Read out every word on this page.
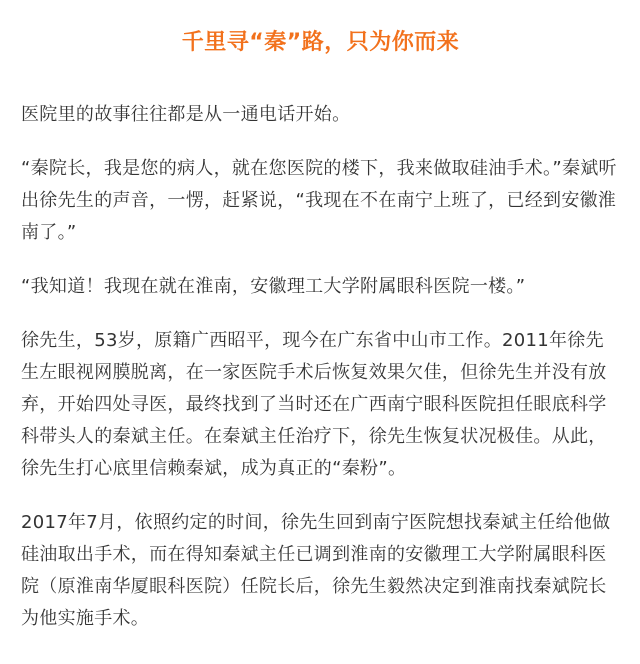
千里寻“秦”路，只为你而来

医院里的故事往往都是从一通电话开始。

“秦院长，我是您的病人，就在您医院的楼下，我来做取硅油手术。”秦斌听出徐先生的声音，一愣，赶紧说，“我现在不在南宁上班了，已经到安徽淮南了。”

“我知道！我现在就在淮南，安徽理工大学附属眼科医院一楼。”

徐先生，53岁，原籍广西昭平，现今在广东省中山市工作。2011年徐先生左眼视网膜脱离，在一家医院手术后恢复效果欠佳，但徐先生并没有放弃，开始四处寻医，最终找到了当时还在广西南宁眼科医院担任眼底科学科带头人的秦斌主任。在秦斌主任治疗下，徐先生恢复状况极佳。从此，徐先生打心底里信赖秦斌，成为真正的“秦粉”。

2017年7月，依照约定的时间，徐先生回到南宁医院想找秦斌主任给他做硅油取出手术，而在得知秦斌主任已调到淮南的安徽理工大学附属眼科医院（原淮南华厦眼科医院）任院长后，徐先生毅然决定到淮南找秦斌院长为他实施手术。
